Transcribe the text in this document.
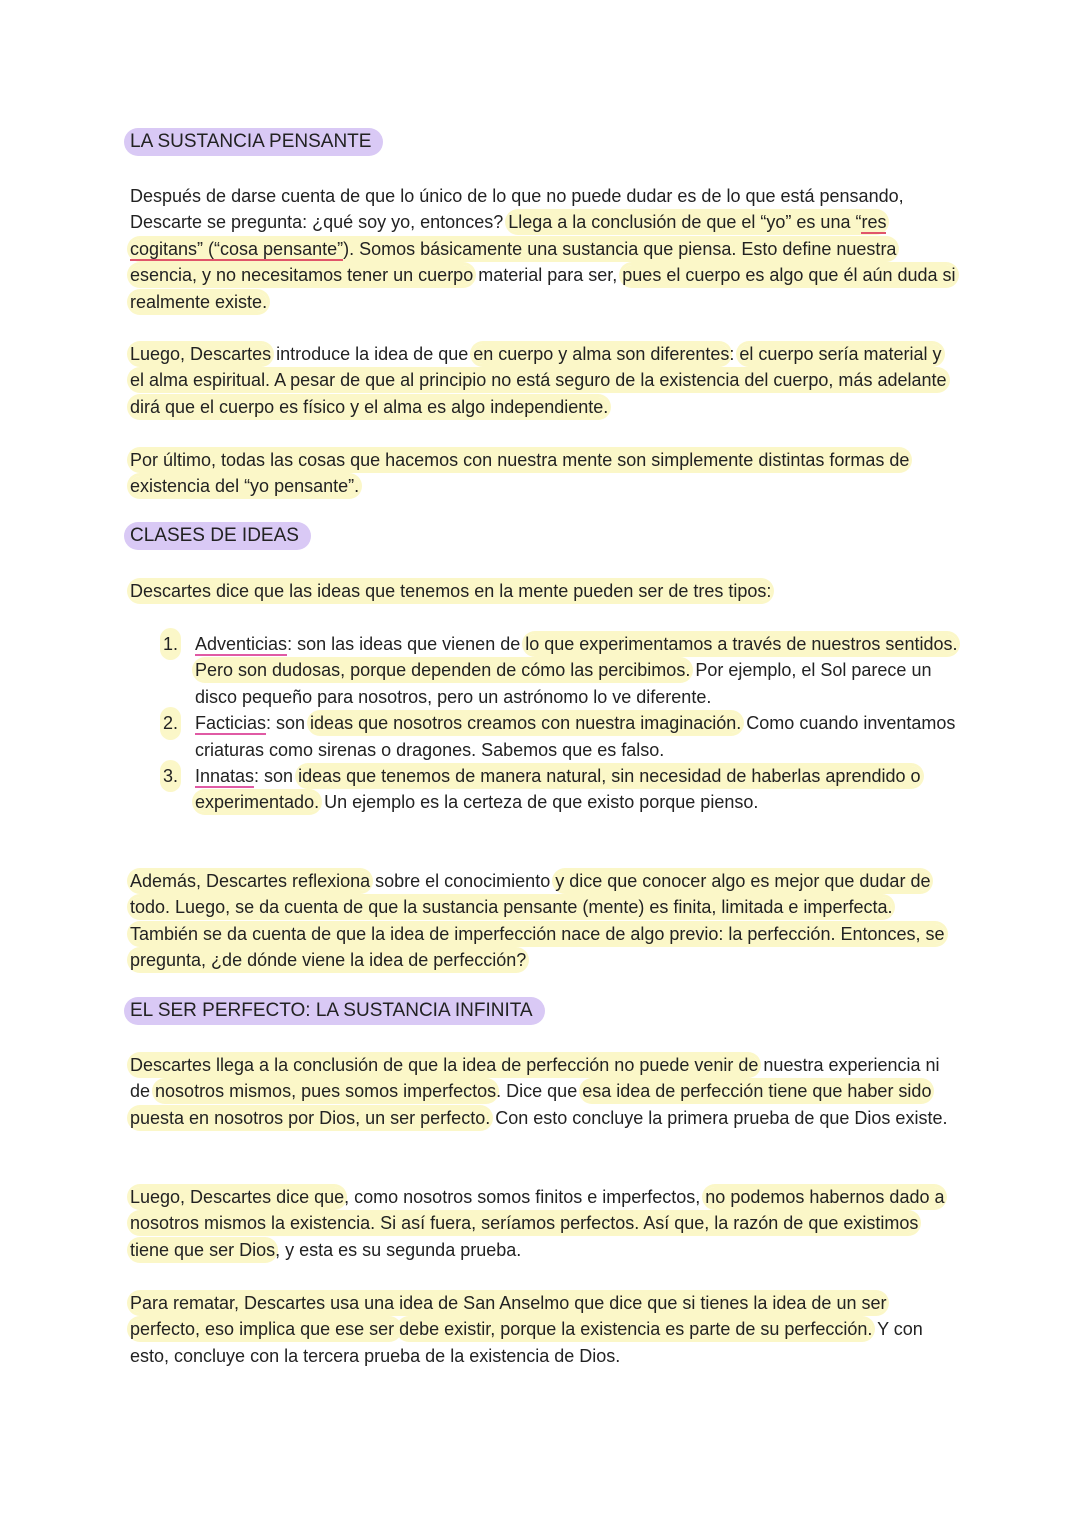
LA SUSTANCIA PENSANTE
Después de darse cuenta de que lo único de lo que no puede dudar es de lo que está pensando, Descarte se pregunta: ¿qué soy yo, entonces? Llega a la conclusión de que el “yo” es una “res cogitans” (“cosa pensante”). Somos básicamente una sustancia que piensa. Esto define nuestra esencia, y no necesitamos tener un cuerpo material para ser, pues el cuerpo es algo que él aún duda si realmente existe.
Luego, Descartes introduce la idea de que en cuerpo y alma son diferentes: el cuerpo sería material y el alma espiritual. A pesar de que al principio no está seguro de la existencia del cuerpo, más adelante dirá que el cuerpo es físico y el alma es algo independiente.
Por último, todas las cosas que hacemos con nuestra mente son simplemente distintas formas de existencia del “yo pensante”.
CLASES DE IDEAS
Descartes dice que las ideas que tenemos en la mente pueden ser de tres tipos:
1. Adventicias: son las ideas que vienen de lo que experimentamos a través de nuestros sentidos. Pero son dudosas, porque dependen de cómo las percibimos. Por ejemplo, el Sol parece un disco pequeño para nosotros, pero un astrónomo lo ve diferente.
2. Facticias: son ideas que nosotros creamos con nuestra imaginación. Como cuando inventamos criaturas como sirenas o dragones. Sabemos que es falso.
3. Innatas: son ideas que tenemos de manera natural, sin necesidad de haberlas aprendido o experimentado. Un ejemplo es la certeza de que existo porque pienso.
Además, Descartes reflexiona sobre el conocimiento y dice que conocer algo es mejor que dudar de todo. Luego, se da cuenta de que la sustancia pensante (mente) es finita, limitada e imperfecta. También se da cuenta de que la idea de imperfección nace de algo previo: la perfección. Entonces, se pregunta, ¿de dónde viene la idea de perfección?
EL SER PERFECTO: LA SUSTANCIA INFINITA
Descartes llega a la conclusión de que la idea de perfección no puede venir de nuestra experiencia ni de nosotros mismos, pues somos imperfectos. Dice que esa idea de perfección tiene que haber sido puesta en nosotros por Dios, un ser perfecto. Con esto concluye la primera prueba de que Dios existe.
Luego, Descartes dice que, como nosotros somos finitos e imperfectos, no podemos habernos dado a nosotros mismos la existencia. Si así fuera, seríamos perfectos. Así que, la razón de que existimos tiene que ser Dios, y esta es su segunda prueba.
Para rematar, Descartes usa una idea de San Anselmo que dice que si tienes la idea de un ser perfecto, eso implica que ese ser debe existir, porque la existencia es parte de su perfección. Y con esto, concluye con la tercera prueba de la existencia de Dios.
